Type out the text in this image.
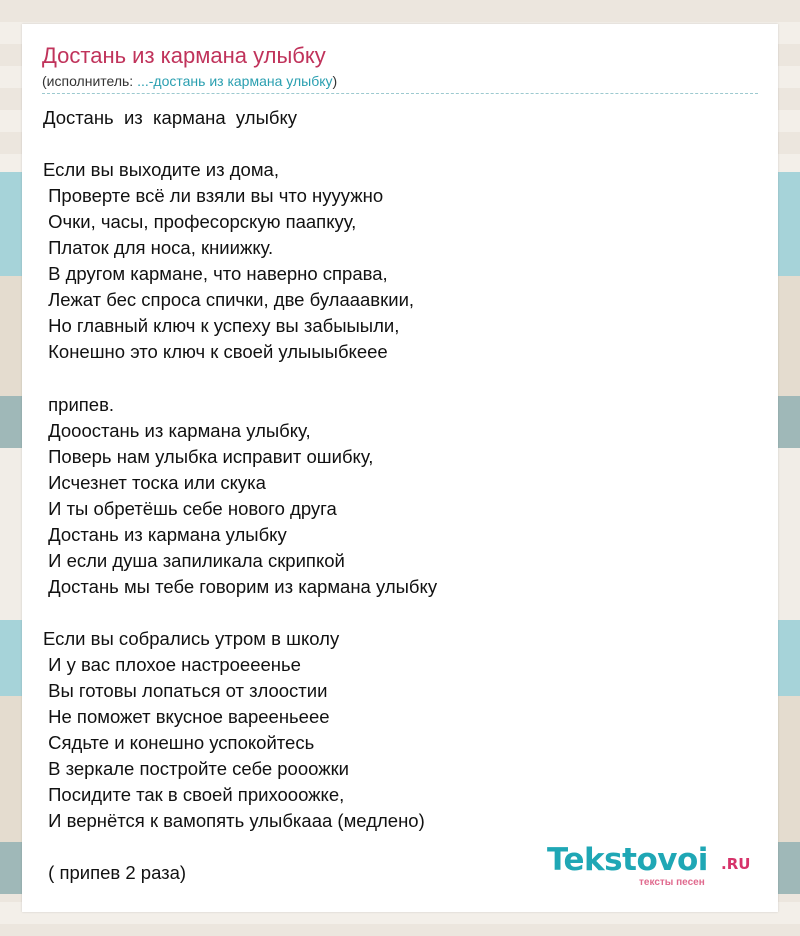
Достань из кармана улыбку
(исполнитель: ...-достань из кармана улыбку)
Достань  из  кармана  улыбку

Если вы выходите из дома,
Проверте всё ли взяли вы что нууужно
Очки, часы, професорскую паапкуу,
Платок для носа, книижку.
В другом кармане, что наверно справа,
Лежат бес спроса спички, две булааавкии,
Но главный ключ к успеху вы забыыыли,
Конешно это ключ к своей улыыыбкеее

припев.
Дооостань из кармана улыбку,
Поверь нам улыбка исправит ошибку,
Исчезнет тоска или скука
И ты обретёшь себе нового друга
Достань из кармана улыбку
И если душа запиликала скрипкой
Достань мы тебе говорим из кармана улыбку

Если вы собрались утром в школу
И у вас плохое настроееенье
Вы готовы лопаться от злоостии
Не поможет вкусное варееньеее
Сядьте и конешно успокойтесь
В зеркале постройте себе рооожки
Посидите так в своей прихооожке,
И вернётся к вамопять улыбкааа (медлено)

( припев 2 раза)	Tekstovoi .RU
тексты песен
